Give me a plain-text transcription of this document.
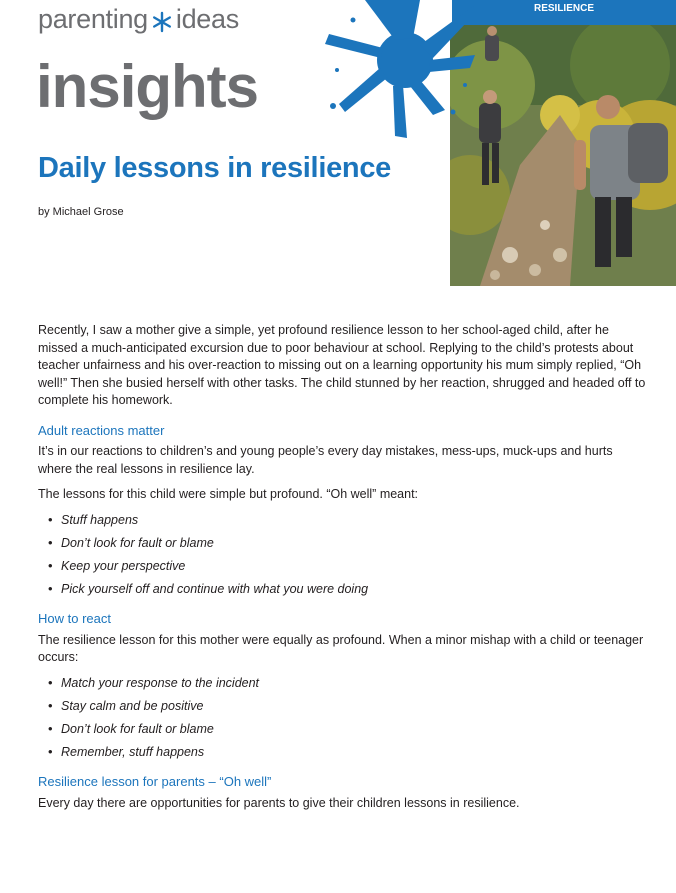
parenting ideas
insights
Daily lessons in resilience
by Michael Grose
RESILIENCE

Recently, I saw a mother give a simple, yet profound resilience lesson to her school-aged child, after he missed a much-anticipated excursion due to poor behaviour at school. Replying to the child’s protests about teacher unfairness and his over-reaction to missing out on a learning opportunity his mum simply replied, “Oh well!” Then she busied herself with other tasks. The child stunned by her reaction, shrugged and headed off to complete his homework.

Adult reactions matter

It’s in our reactions to children’s and young people’s every day mistakes, mess-ups, muck-ups and hurts where the real lessons in resilience lay.

The lessons for this child were simple but profound. “Oh well” meant:

• Stuff happens
• Don’t look for fault or blame
• Keep your perspective
• Pick yourself off and continue with what you were doing
How to react

The resilience lesson for this mother were equally as profound. When a minor mishap with a child or teenager occurs:

• Match your response to the incident
• Stay calm and be positive
• Don’t look for fault or blame
• Remember, stuff happens
Resilience lesson for parents – “Oh well”

Every day there are opportunities for parents to give their children lessons in resilience.
